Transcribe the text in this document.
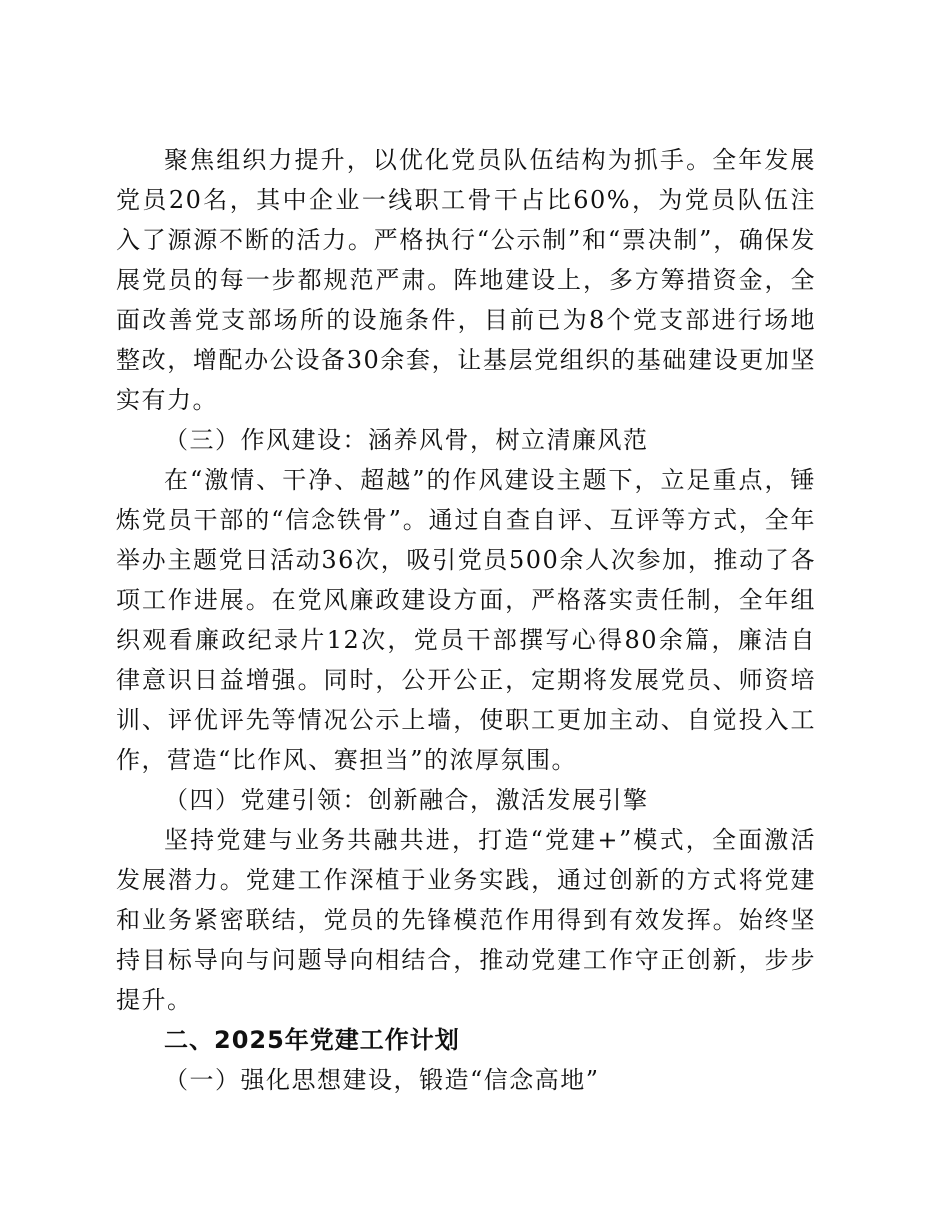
聚焦组织力提升，以优化党员队伍结构为抓手。全年发展党员20名，其中企业一线职工骨干占比60%，为党员队伍注入了源源不断的活力。严格执行“公示制”和“票决制”，确保发展党员的每一步都规范严肃。阵地建设上，多方筹措资金，全面改善党支部场所的设施条件，目前已为8个党支部进行场地整改，增配办公设备30余套，让基层党组织的基础建设更加坚实有力。

（三）作风建设：涵养风骨，树立清廉风范

在“激情、干净、超越”的作风建设主题下，立足重点，锤炼党员干部的“信念铁骨”。通过自查自评、互评等方式，全年举办主题党日活动36次，吸引党员500余人次参加，推动了各项工作进展。在党风廉政建设方面，严格落实责任制，全年组织观看廉政纪录片12次，党员干部撰写心得80余篇，廉洁自律意识日益增强。同时，公开公正，定期将发展党员、师资培训、评优评先等情况公示上墙，使职工更加主动、自觉投入工作，营造“比作风、赛担当”的浓厚氛围。

（四）党建引领：创新融合，激活发展引擎

坚持党建与业务共融共进，打造“党建+”模式，全面激活发展潜力。党建工作深植于业务实践，通过创新的方式将党建和业务紧密联结，党员的先锋模范作用得到有效发挥。始终坚持目标导向与问题导向相结合，推动党建工作守正创新，步步提升。

二、2025年党建工作计划

（一）强化思想建设，锻造“信念高地”
